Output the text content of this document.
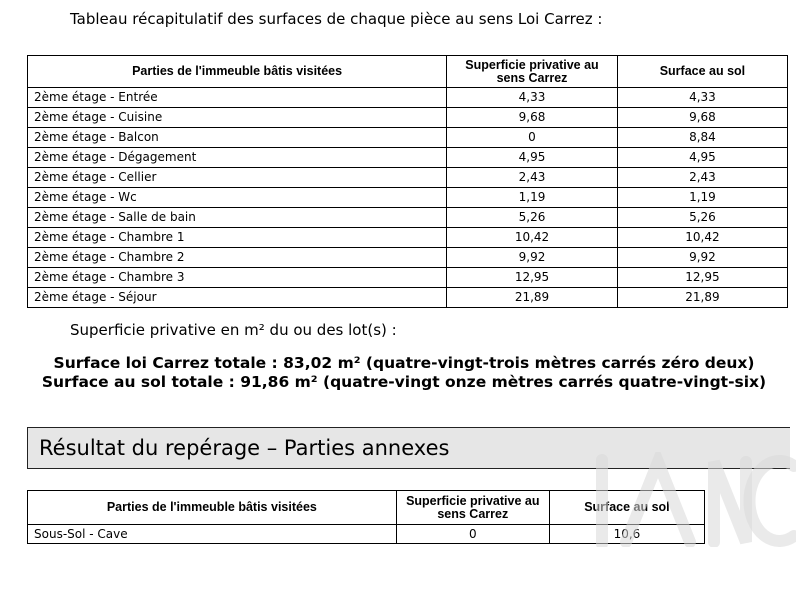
Tableau récapitulatif des surfaces de chaque pièce au sens Loi Carrez :
Parties de l'immeuble bâtis visitées	Superficie privative au sens Carrez	Surface au sol
2ème étage - Entrée	4,33	4,33
2ème étage - Cuisine	9,68	9,68
2ème étage - Balcon	0	8,84
2ème étage - Dégagement	4,95	4,95
2ème étage - Cellier	2,43	2,43
2ème étage - Wc	1,19	1,19
2ème étage - Salle de bain	5,26	5,26
2ème étage - Chambre 1	10,42	10,42
2ème étage - Chambre 2	9,92	9,92
2ème étage - Chambre 3	12,95	12,95
2ème étage - Séjour	21,89	21,89
Superficie privative en m² du ou des lot(s) :
Surface loi Carrez totale : 83,02 m² (quatre-vingt-trois mètres carrés zéro deux)
Surface au sol totale : 91,86 m² (quatre-vingt onze mètres carrés quatre-vingt-six)
Résultat du repérage – Parties annexes
Parties de l'immeuble bâtis visitées	Superficie privative au sens Carrez	Surface au sol
Sous-Sol - Cave	0	10,6
